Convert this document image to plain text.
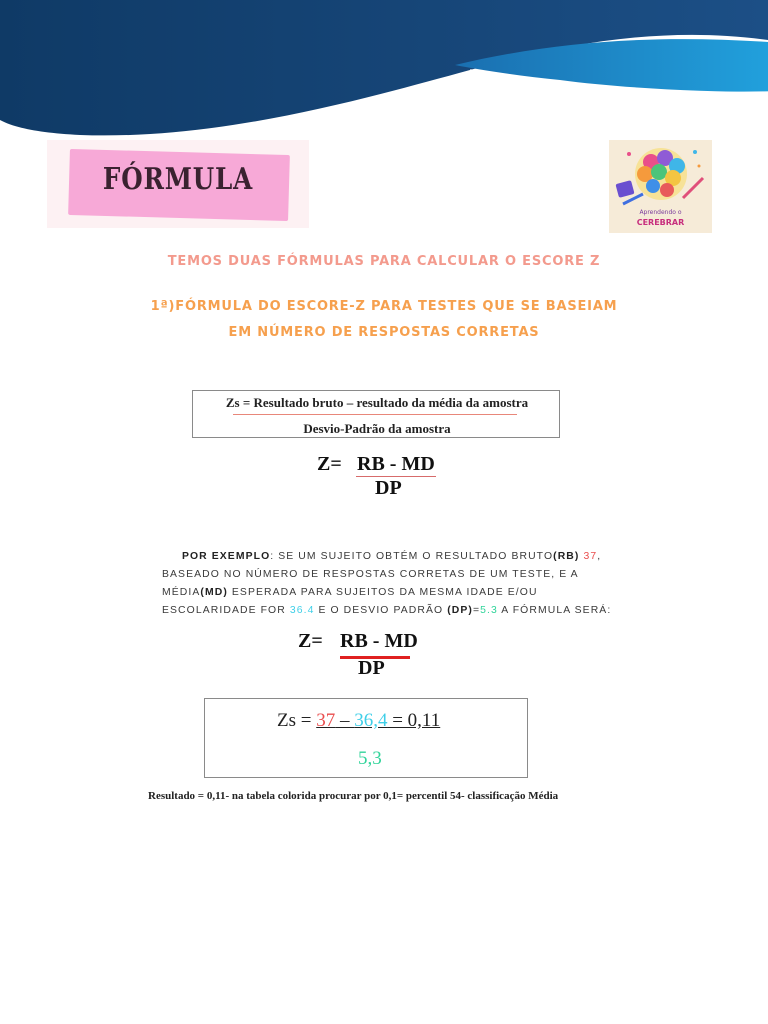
FÓRMULA
Aprendendo o
CEREBRAR
TEMOS DUAS FÓRMULAS PARA CALCULAR O ESCORE Z
1ª)FÓRMULA DO ESCORE-Z PARA TESTES QUE SE BASEIAM
EM NÚMERO DE RESPOSTAS CORRETAS
Zs = Resultado bruto – resultado da média da amostra
Desvio-Padrão da amostra
Z= RB - MD
DP
POR EXEMPLO: SE UM SUJEITO OBTÉM O RESULTADO BRUTO(RB) 37, BASEADO NO NÚMERO DE RESPOSTAS CORRETAS DE UM TESTE, E A MÉDIA(MD) ESPERADA PARA SUJEITOS DA MESMA IDADE E/OU ESCOLARIDADE FOR 36.4 E O DESVIO PADRÃO (DP)=5.3 A FÓRMULA SERÁ:
Z= RB - MD
DP
Zs = 37 – 36,4 = 0,11
5,3
Resultado = 0,11- na tabela colorida procurar por 0,1= percentil 54- classificação Média
